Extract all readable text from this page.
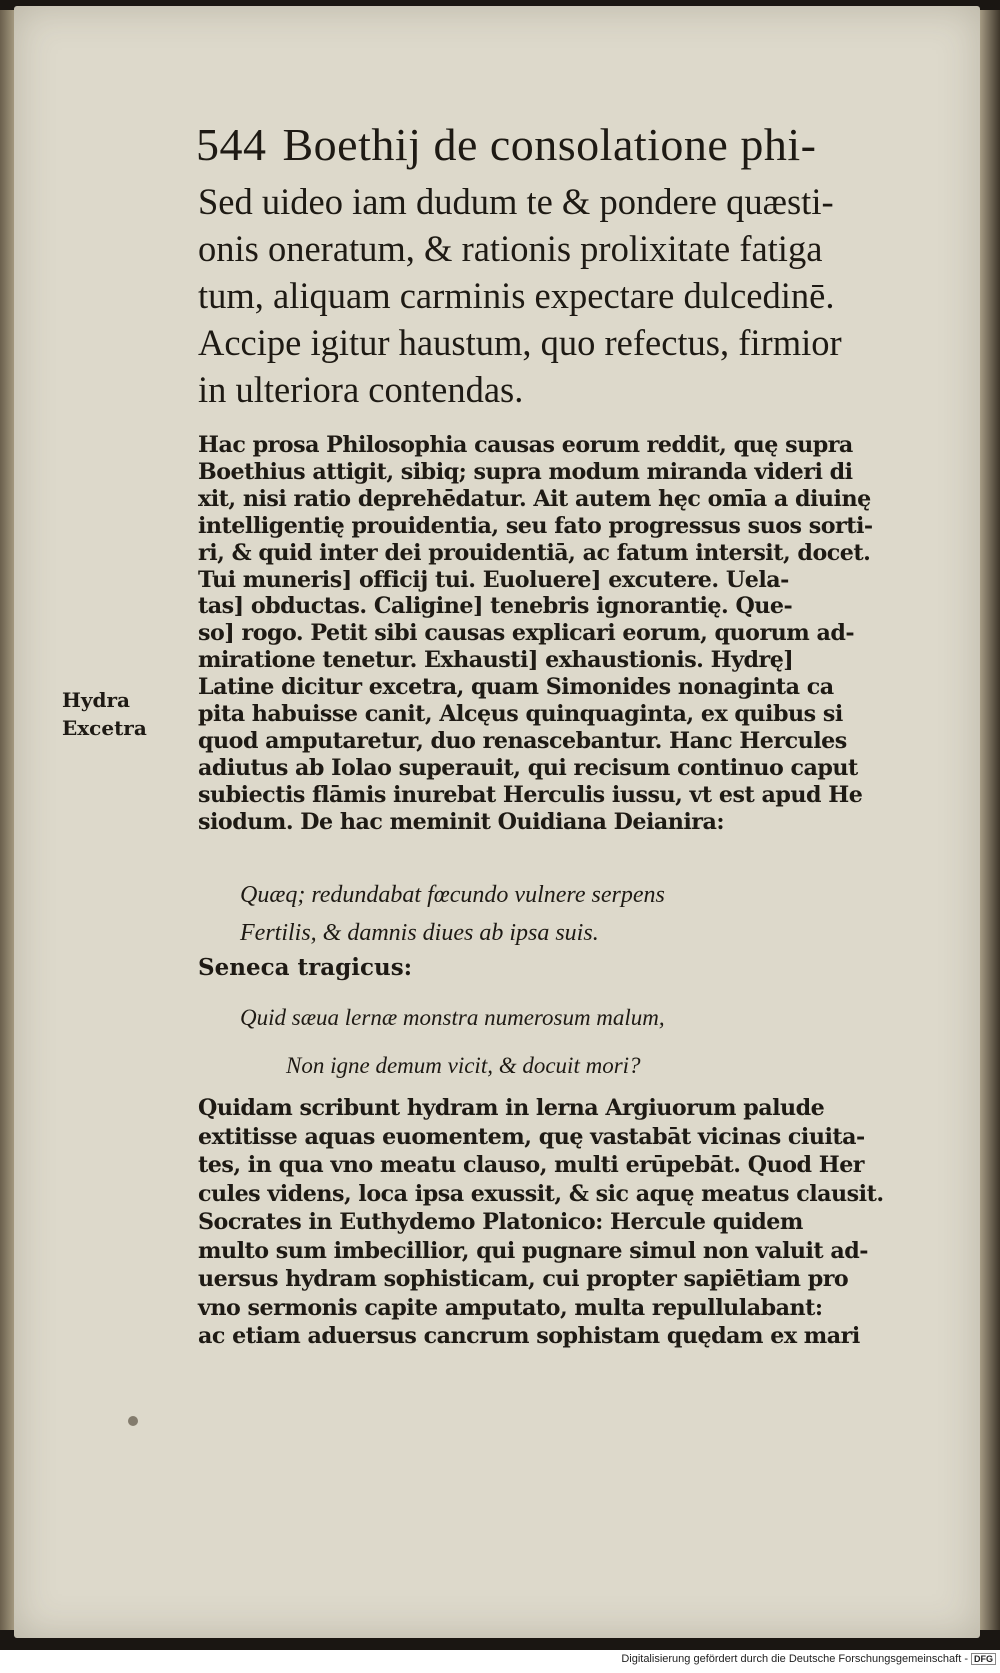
544 Boethij de consolatione phi-
Sed uideo iam dudum te & pondere quæsti-
onis oneratum, & rationis prolixitate fatiga
tum, aliquam carminis expectare dulcedinē.
Accipe igitur haustum, quo refectus, firmior
in ulteriora contendas.
Hydra
Excetra
Hac prosa Philosophia causas eorum reddit, quę supra
Boethius attigit, sibiq; supra modum miranda videri di
xit, nisi ratio deprehēdatur. Ait autem hęc omīa a diuinę
intelligentię prouidentia, seu fato progressus suos sorti-
ri, & quid inter dei prouidentiā, ac fatum intersit, docet.
Tui muneris] officij tui. Euoluere] excutere. Uela-
tas] obductas. Caligine] tenebris ignorantię. Que-
so] rogo. Petit sibi causas explicari eorum, quorum ad-
miratione tenetur. Exhausti] exhaustionis. Hydrę]
Latine dicitur excetra, quam Simonides nonaginta ca
pita habuisse canit, Alcęus quinquaginta, ex quibus si
quod amputaretur, duo renascebantur. Hanc Hercules
adiutus ab Iolao superauit, qui recisum continuo caput
subiectis flāmis inurebat Herculis iussu, vt est apud He
siodum. De hac meminit Ouidiana Deianira:
Quæq; redundabat fœcundo vulnere serpens
Fertilis, & damnis diues ab ipsa suis.
Seneca tragicus:
Quid sæua lernæ monstra numerosum malum,
Non igne demum vicit, & docuit mori?
Quidam scribunt hydram in lerna Argiuorum palude
extitisse aquas euomentem, quę vastabāt vicinas ciuita-
tes, in qua vno meatu clauso, multi erūpebāt. Quod Her
cules videns, loca ipsa exussit, & sic aquę meatus clausit.
Socrates in Euthydemo Platonico: Hercule quidem
multo sum imbecillior, qui pugnare simul non valuit ad-
uersus hydram sophisticam, cui propter sapiētiam pro
vno sermonis capite amputato, multa repullulabant:
ac etiam aduersus cancrum sophistam quędam ex mari
Digitalisierung gefördert durch die Deutsche Forschungsgemeinschaft - DFG
